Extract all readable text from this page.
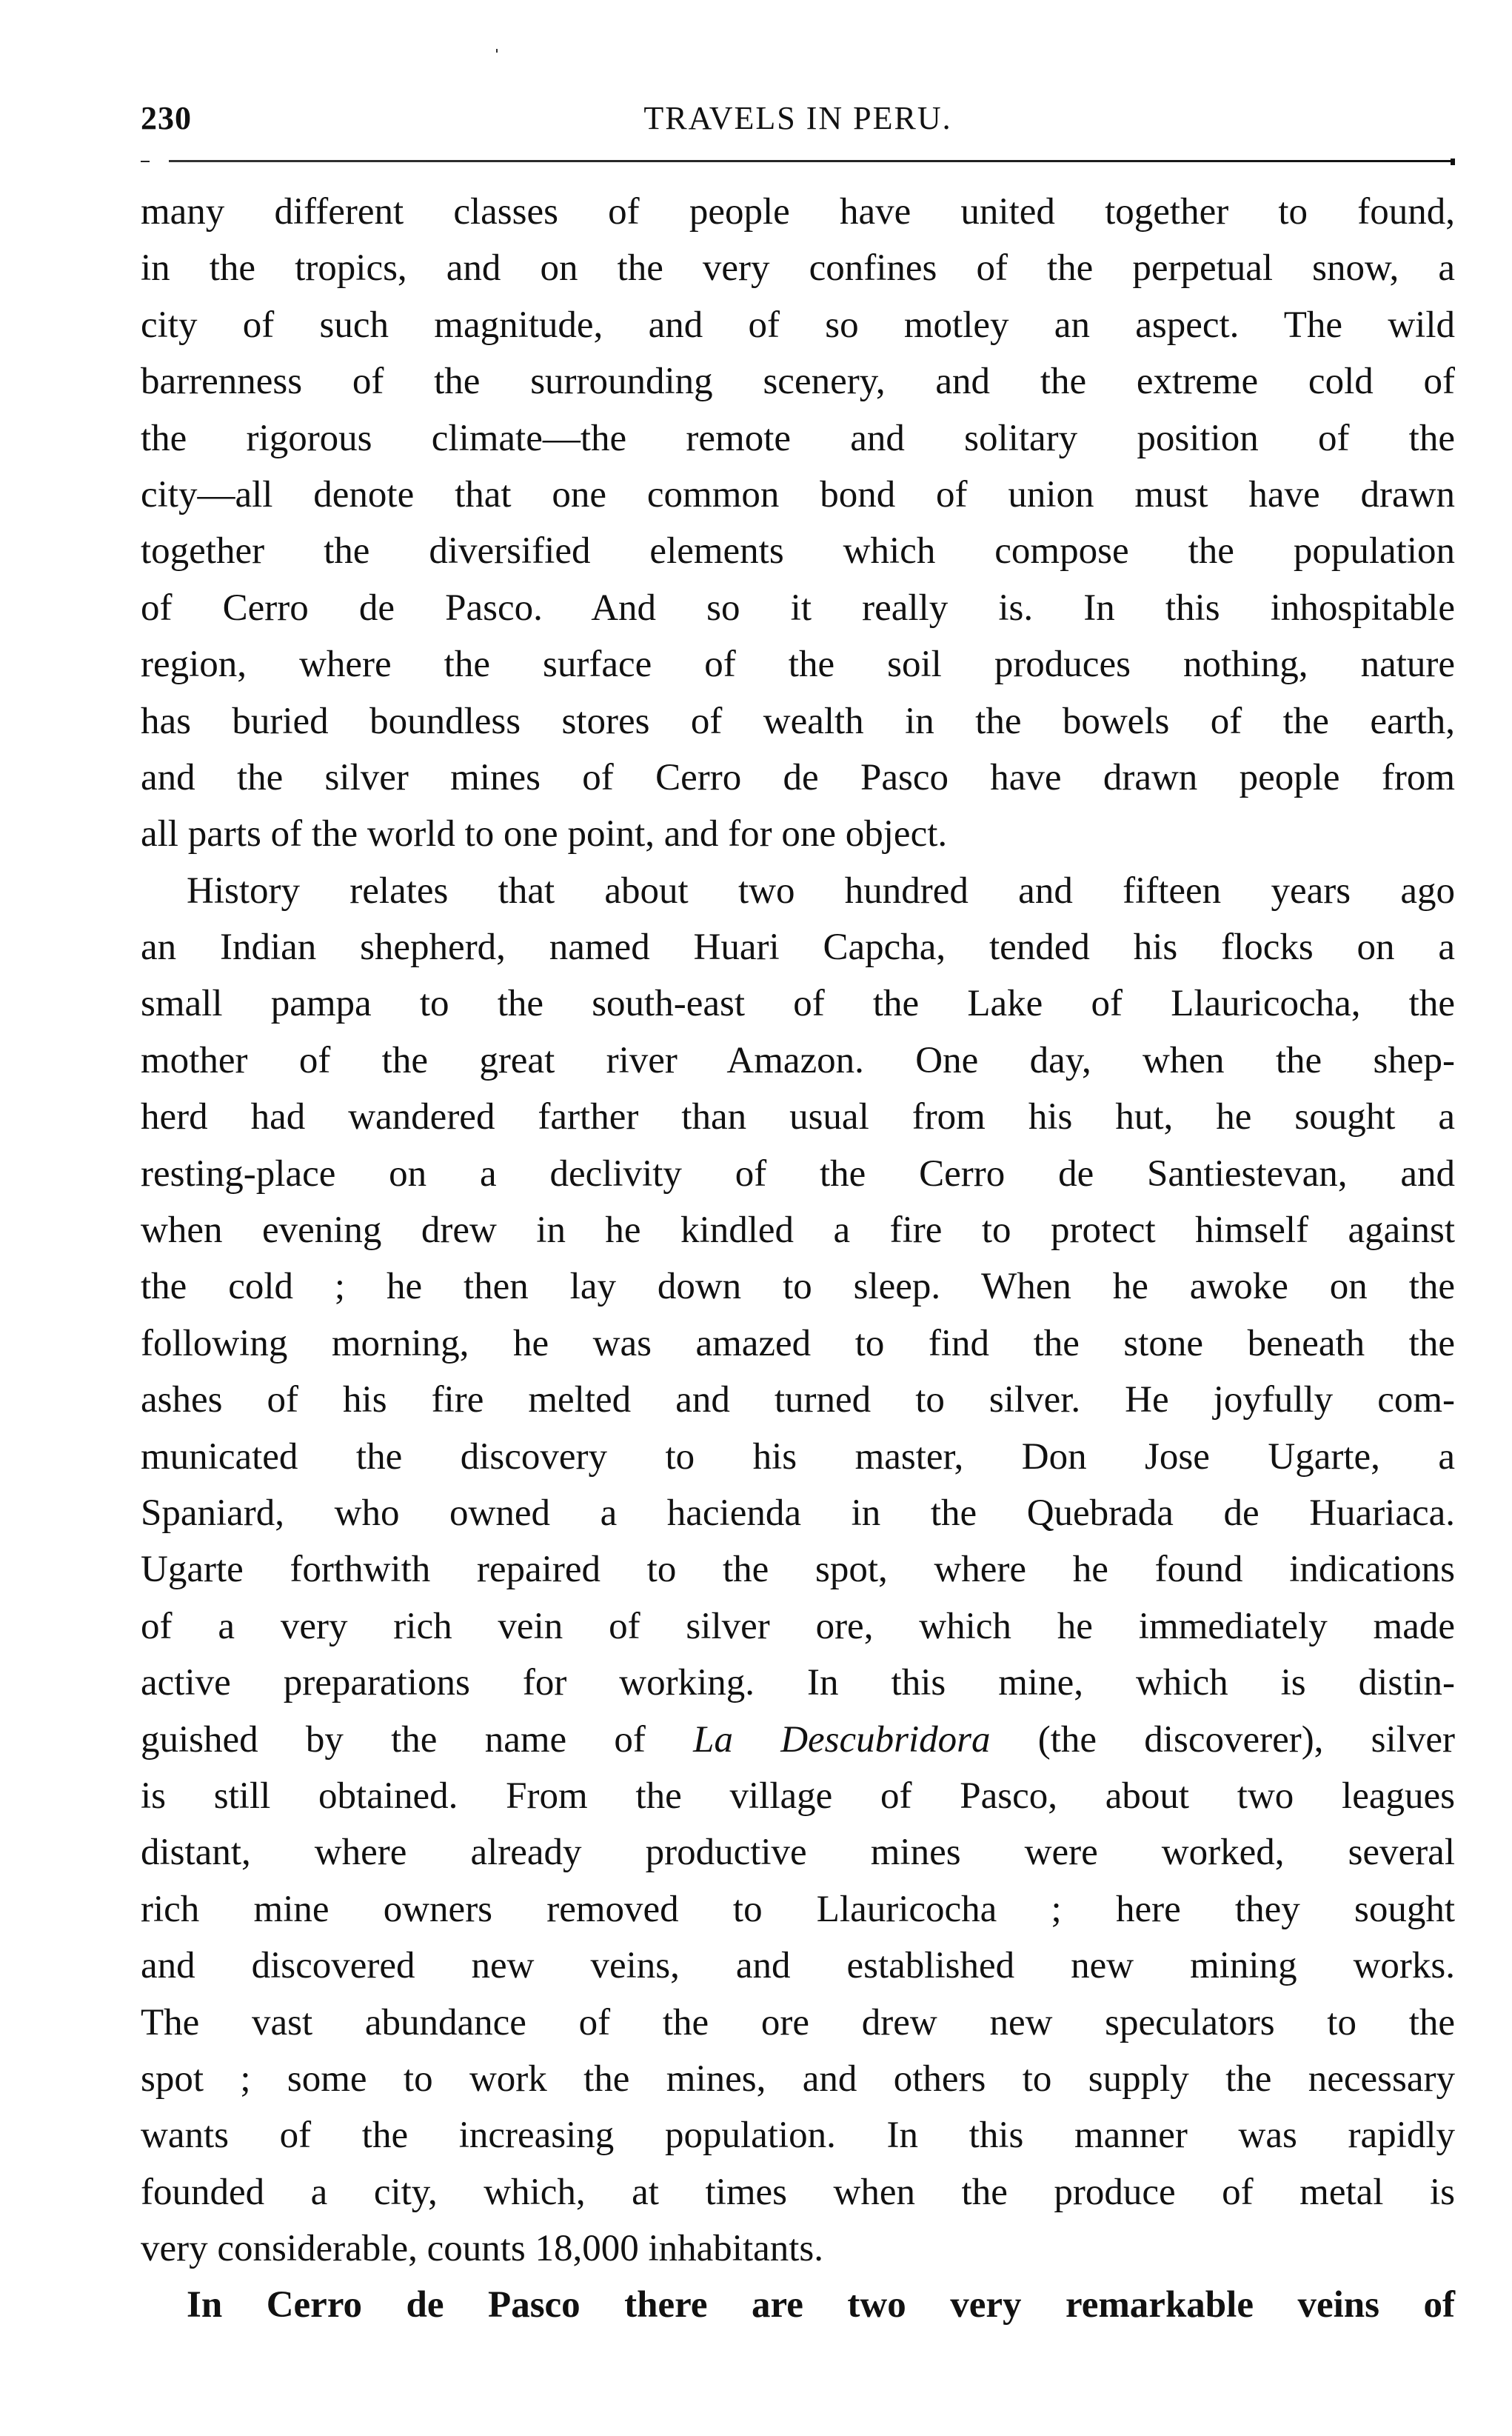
230	TRAVELS IN PERU.
many different classes of people have united together to found,
in the tropics, and on the very confines of the perpetual snow, a
city of such magnitude, and of so motley an aspect. The wild
barrenness of the surrounding scenery, and the extreme cold of
the rigorous climate—the remote and solitary position of the
city—all denote that one common bond of union must have drawn
together the diversified elements which compose the population
of Cerro de Pasco. And so it really is. In this inhospitable
region, where the surface of the soil produces nothing, nature
has buried boundless stores of wealth in the bowels of the earth,
and the silver mines of Cerro de Pasco have drawn people from
all parts of the world to one point, and for one object.
History relates that about two hundred and fifteen years ago
an Indian shepherd, named Huari Capcha, tended his flocks on a
small pampa to the south-east of the Lake of Llauricocha, the
mother of the great river Amazon. One day, when the shep-
herd had wandered farther than usual from his hut, he sought a
resting-place on a declivity of the Cerro de Santiestevan, and
when evening drew in he kindled a fire to protect himself against
the cold ; he then lay down to sleep. When he awoke on the
following morning, he was amazed to find the stone beneath the
ashes of his fire melted and turned to silver. He joyfully com-
municated the discovery to his master, Don Jose Ugarte, a
Spaniard, who owned a hacienda in the Quebrada de Huariaca.
Ugarte forthwith repaired to the spot, where he found indications
of a very rich vein of silver ore, which he immediately made
active preparations for working. In this mine, which is distin-
guished by the name of La Descubridora (the discoverer), silver
is still obtained. From the village of Pasco, about two leagues
distant, where already productive mines were worked, several
rich mine owners removed to Llauricocha ; here they sought
and discovered new veins, and established new mining works.
The vast abundance of the ore drew new speculators to the
spot ; some to work the mines, and others to supply the necessary
wants of the increasing population. In this manner was rapidly
founded a city, which, at times when the produce of metal is
very considerable, counts 18,000 inhabitants.
In Cerro de Pasco there are two very remarkable veins of
